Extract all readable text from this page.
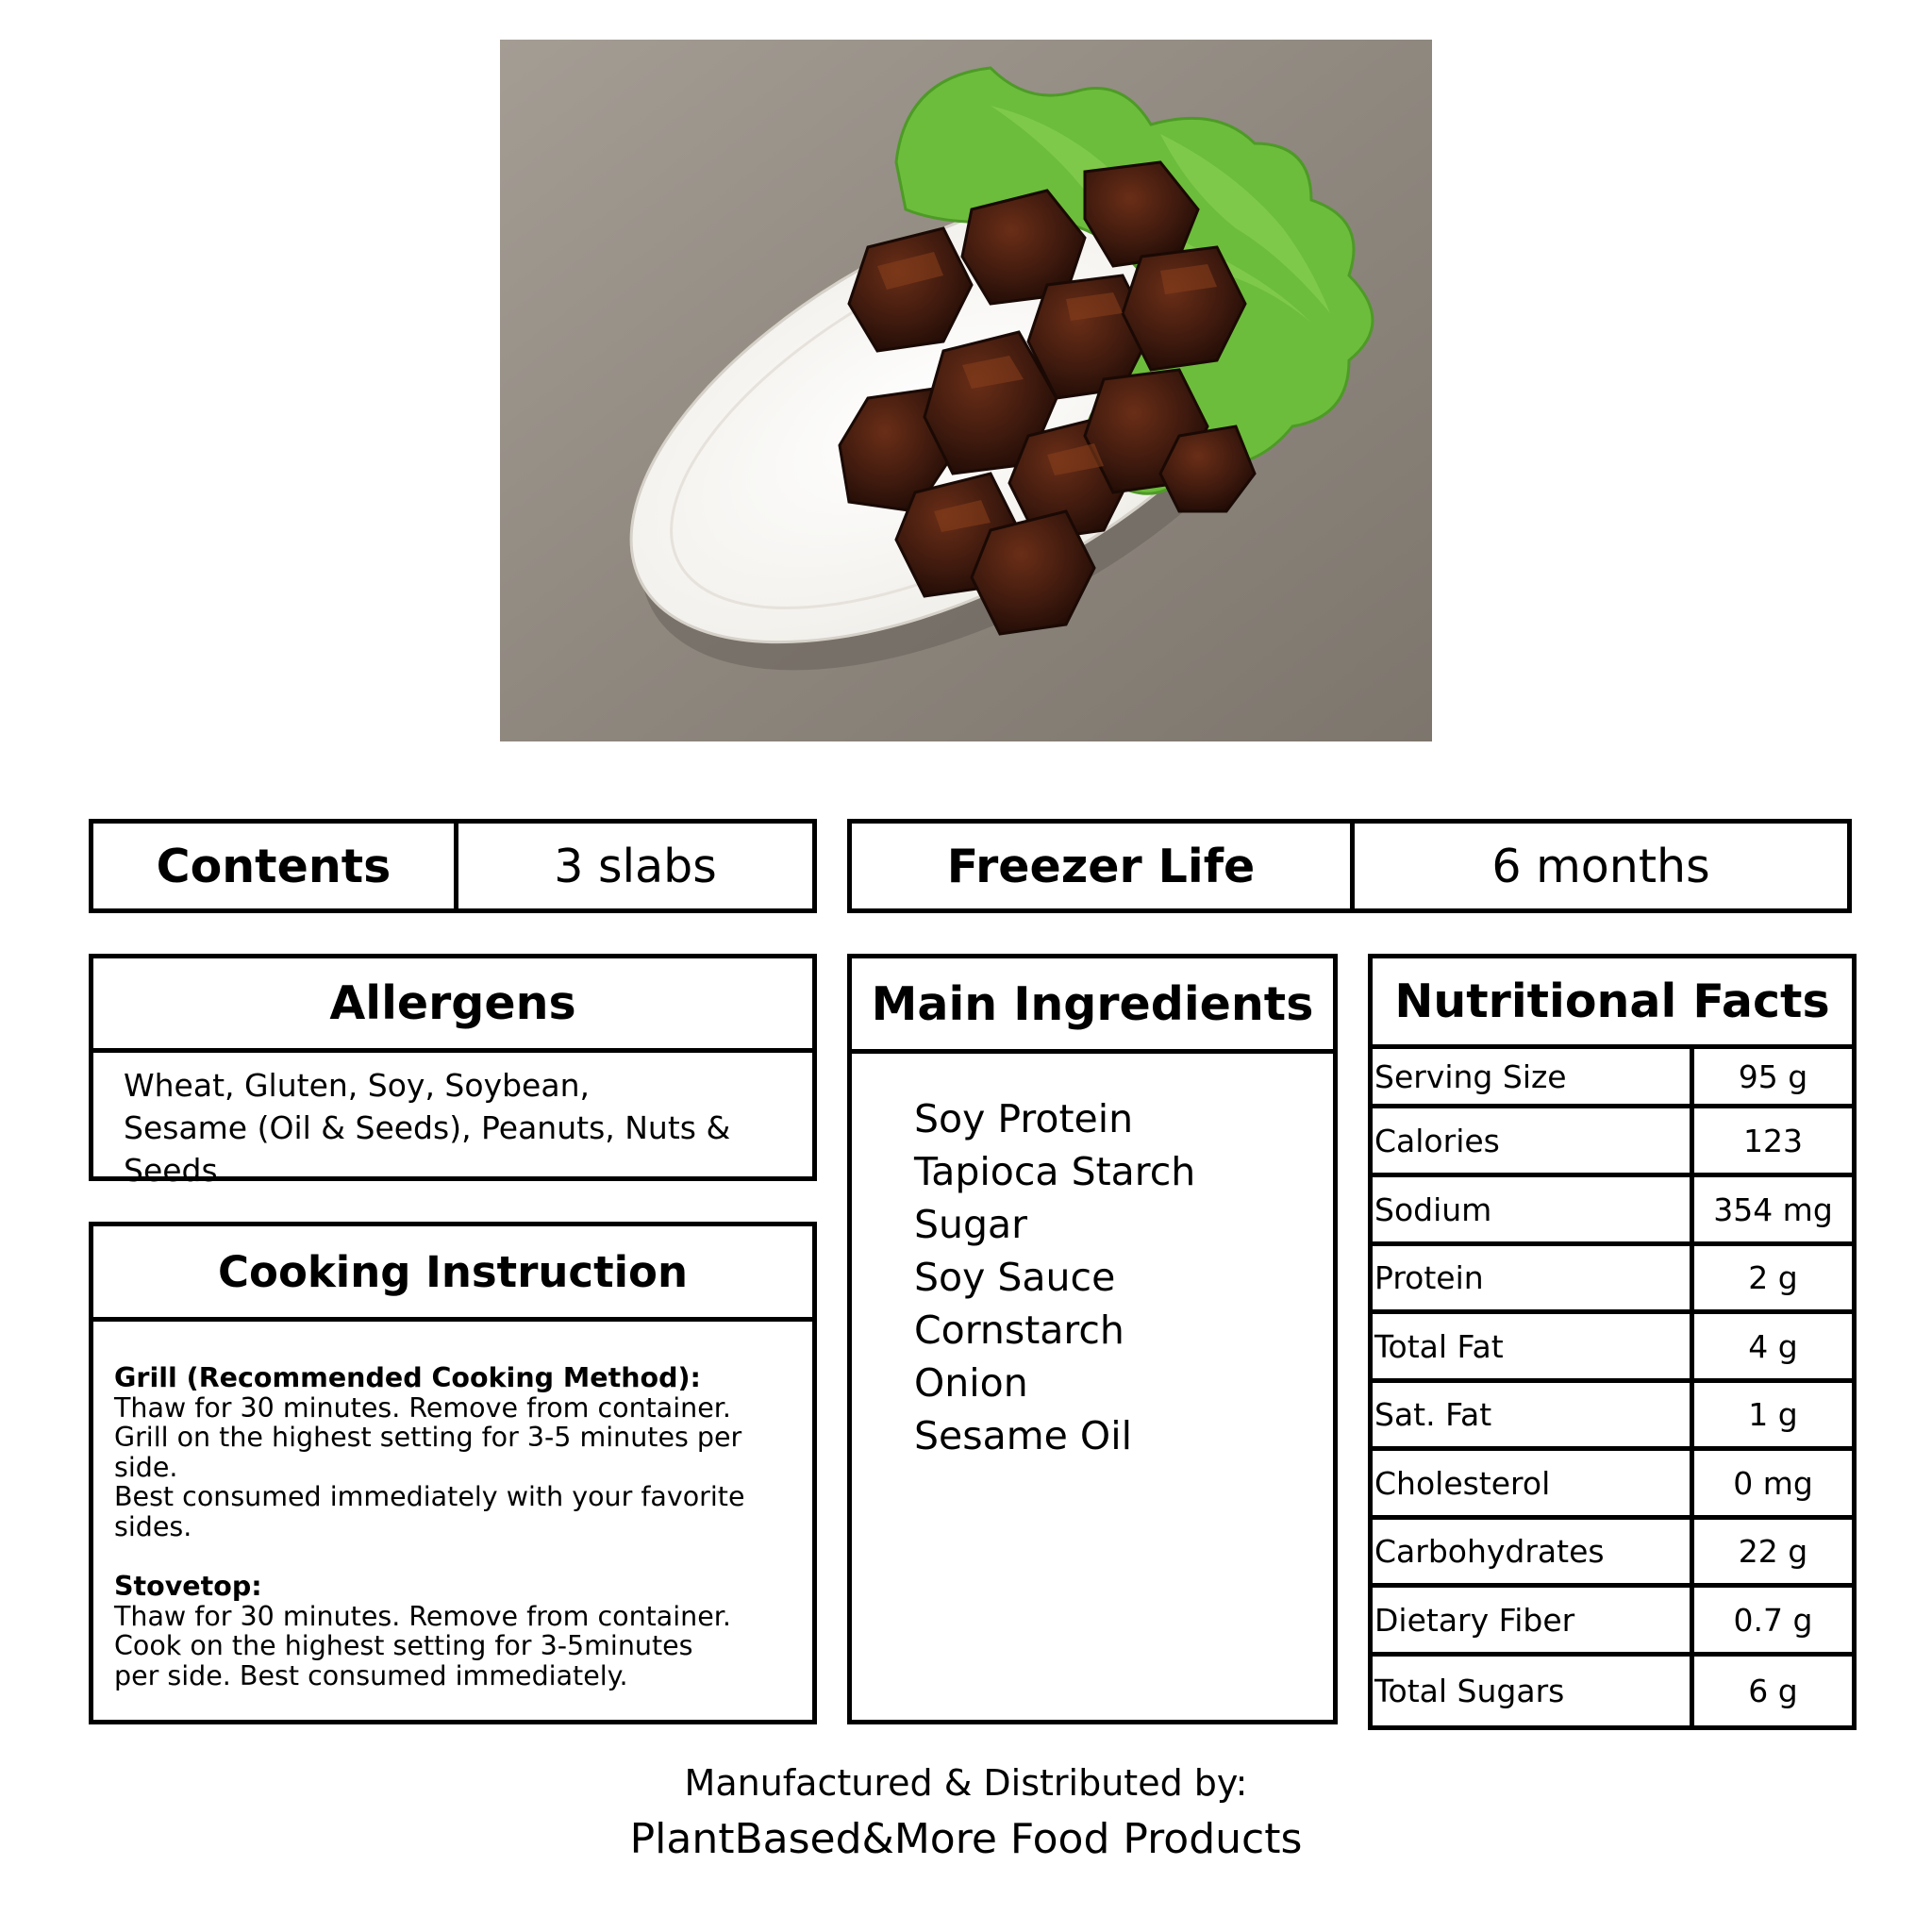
Contents	3 slabs	Freezer Life	6 months
Allergens
Wheat, Gluten, Soy, Soybean,
Sesame (Oil & Seeds), Peanuts, Nuts & Seeds
Cooking Instruction
Grill (Recommended Cooking Method):
Thaw for 30 minutes. Remove from container.
Grill on the highest setting for 3-5 minutes per side.
Best consumed immediately with your favorite
sides.
Stovetop:
Thaw for 30 minutes. Remove from container.
Cook on the highest setting for 3-5minutes
per side. Best consumed immediately.
Main Ingredients
Soy Protein
Tapioca Starch
Sugar
Soy Sauce
Cornstarch
Onion
Sesame Oil
Nutritional Facts
Serving Size	95 g
Calories	123
Sodium	354 mg
Protein	2 g
Total Fat	4 g
Sat. Fat	1 g
Cholesterol	0 mg
Carbohydrates	22 g
Dietary Fiber	0.7 g
Total Sugars	6 g
Manufactured & Distributed by:
PlantBased&More Food Products
